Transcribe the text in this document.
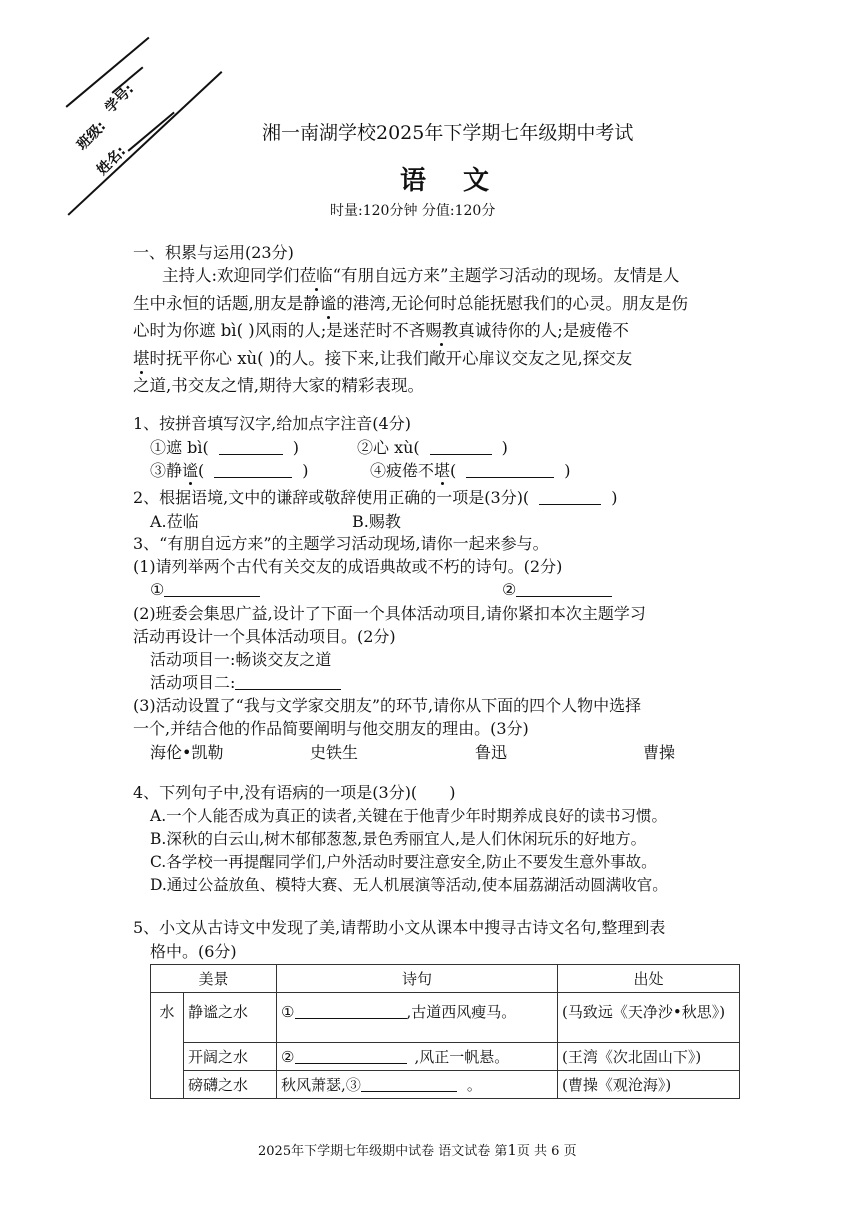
班级:
学号:
姓名:
湘一南湖学校2025年下学期七年级期中考试
语 文
时量:120分钟 分值:120分
一、积累与运用(23分)
主持人:欢迎同学们莅临“有朋自远方来”主题学习活动的现场。友情是人
生中永恒的话题,朋友是静谧的港湾,无论何时总能抚慰我们的心灵。朋友是伤
心时为你遮 bì( )风雨的人;是迷茫时不吝赐教真诚待你的人;是疲倦不
堪时抚平你心 xù( )的人。接下来,让我们敞开心扉议交友之见,探交友
之道,书交友之情,期待大家的精彩表现。
1、按拼音填写汉字,给加点字注音(4分)
①遮 bì(	)	②心 xù(	)
③静谧(	)	④疲倦不堪(	)
2、根据语境,文中的谦辞或敬辞使用正确的一项是(3分)(	)
A.莅临	B.赐教
3、“有朋自远方来”的主题学习活动现场,请你一起来参与。
(1)请列举两个古代有关交友的成语典故或不朽的诗句。(2分)
①	②
(2)班委会集思广益,设计了下面一个具体活动项目,请你紧扣本次主题学习
活动再设计一个具体活动项目。(2分)
活动项目一:畅谈交友之道
活动项目二:
(3)活动设置了“我与文学家交朋友”的环节,请你从下面的四个人物中选择
一个,并结合他的作品简要阐明与他交朋友的理由。(3分)
海伦•凯勒	史铁生	鲁迅	曹操
4、下列句子中,没有语病的一项是(3分)( )
A.一个人能否成为真正的读者,关键在于他青少年时期养成良好的读书习惯。
B.深秋的白云山,树木郁郁葱葱,景色秀丽宜人,是人们休闲玩乐的好地方。
C.各学校一再提醒同学们,户外活动时要注意安全,防止不要发生意外事故。
D.通过公益放鱼、模特大赛、无人机展演等活动,使本届荔湖活动圆满收官。
5、小文从古诗文中发现了美,请帮助小文从课本中搜寻古诗文名句,整理到表
格中。(6分)
美景		诗句	出处
水	静谧之水	① ,古道西风瘦马。	(马致远《天净沙•秋思》)
	开阔之水	② ,风正一帆悬。	(王湾《次北固山下》)
	磅礴之水	秋风萧瑟,③ 。	(曹操《观沧海》)
2025年下学期七年级期中试卷 语文试卷 第1页 共 6 页
